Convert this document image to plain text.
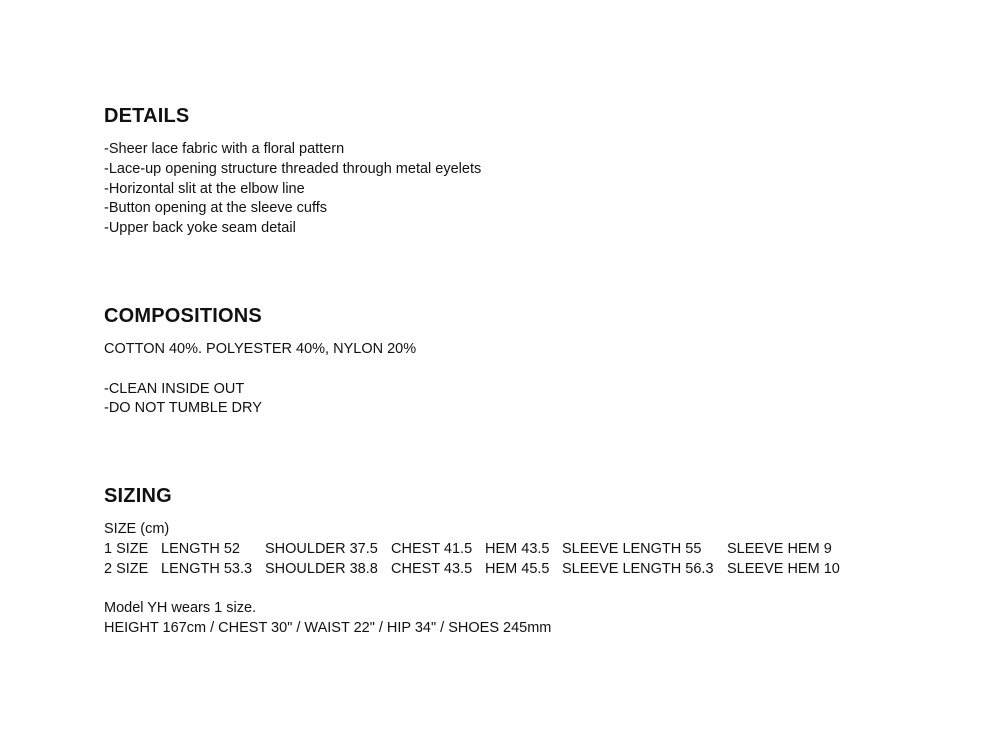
DETAILS
-Sheer lace fabric with a floral pattern
-Lace-up opening structure threaded through metal eyelets
-Horizontal slit at the elbow line
-Button opening at the sleeve cuffs
-Upper back yoke seam detail
COMPOSITIONS
COTTON 40%. POLYESTER 40%, NYLON 20%
-CLEAN INSIDE OUT
-DO NOT TUMBLE DRY
SIZING
SIZE (cm)
1 SIZE LENGTH 52	SHOULDER 37.5 CHEST 41.5 HEM 43.5 SLEEVE LENGTH 55	SLEEVE HEM 9
2 SIZE LENGTH 53.3 SHOULDER 38.8 CHEST 43.5 HEM 45.5 SLEEVE LENGTH 56.3 SLEEVE HEM 10
Model YH wears 1 size.
HEIGHT 167cm / CHEST 30" / WAIST 22" / HIP 34" / SHOES 245mm
